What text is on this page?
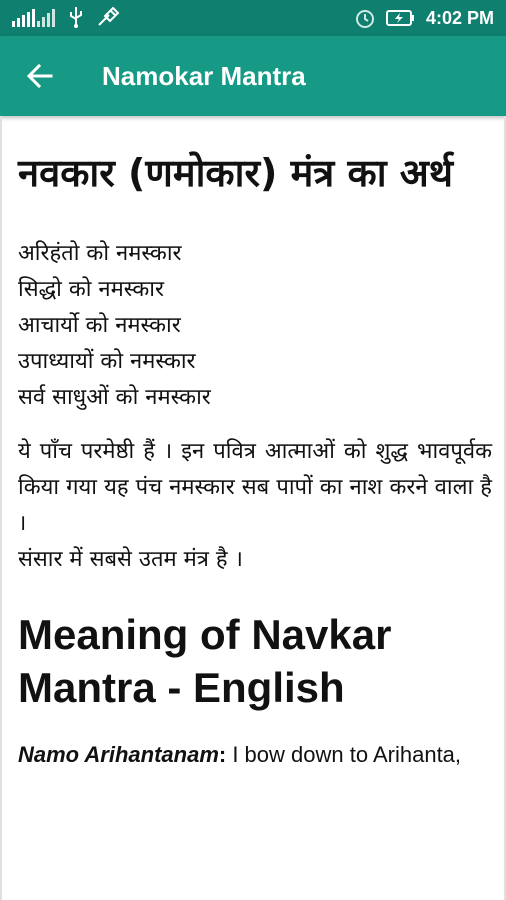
4:02 PM
Namokar Mantra
नवकार (णमोकार) मंत्र का अर्थ
अरिहंतो को नमस्कार
सिद्धो को नमस्कार
आचार्यो को नमस्कार
उपाध्यायों को नमस्कार
सर्व साधुओं को नमस्कार
ये पाँच परमेष्ठी हैं । इन पवित्र आत्माओं को शुद्ध भावपूर्वक किया गया यह पंच नमस्कार सब पापों का नाश करने वाला है ।
संसार में सबसे उतम मंत्र है ।
Meaning of Navkar Mantra - English
Namo Arihantanam: I bow down to Arihanta,
